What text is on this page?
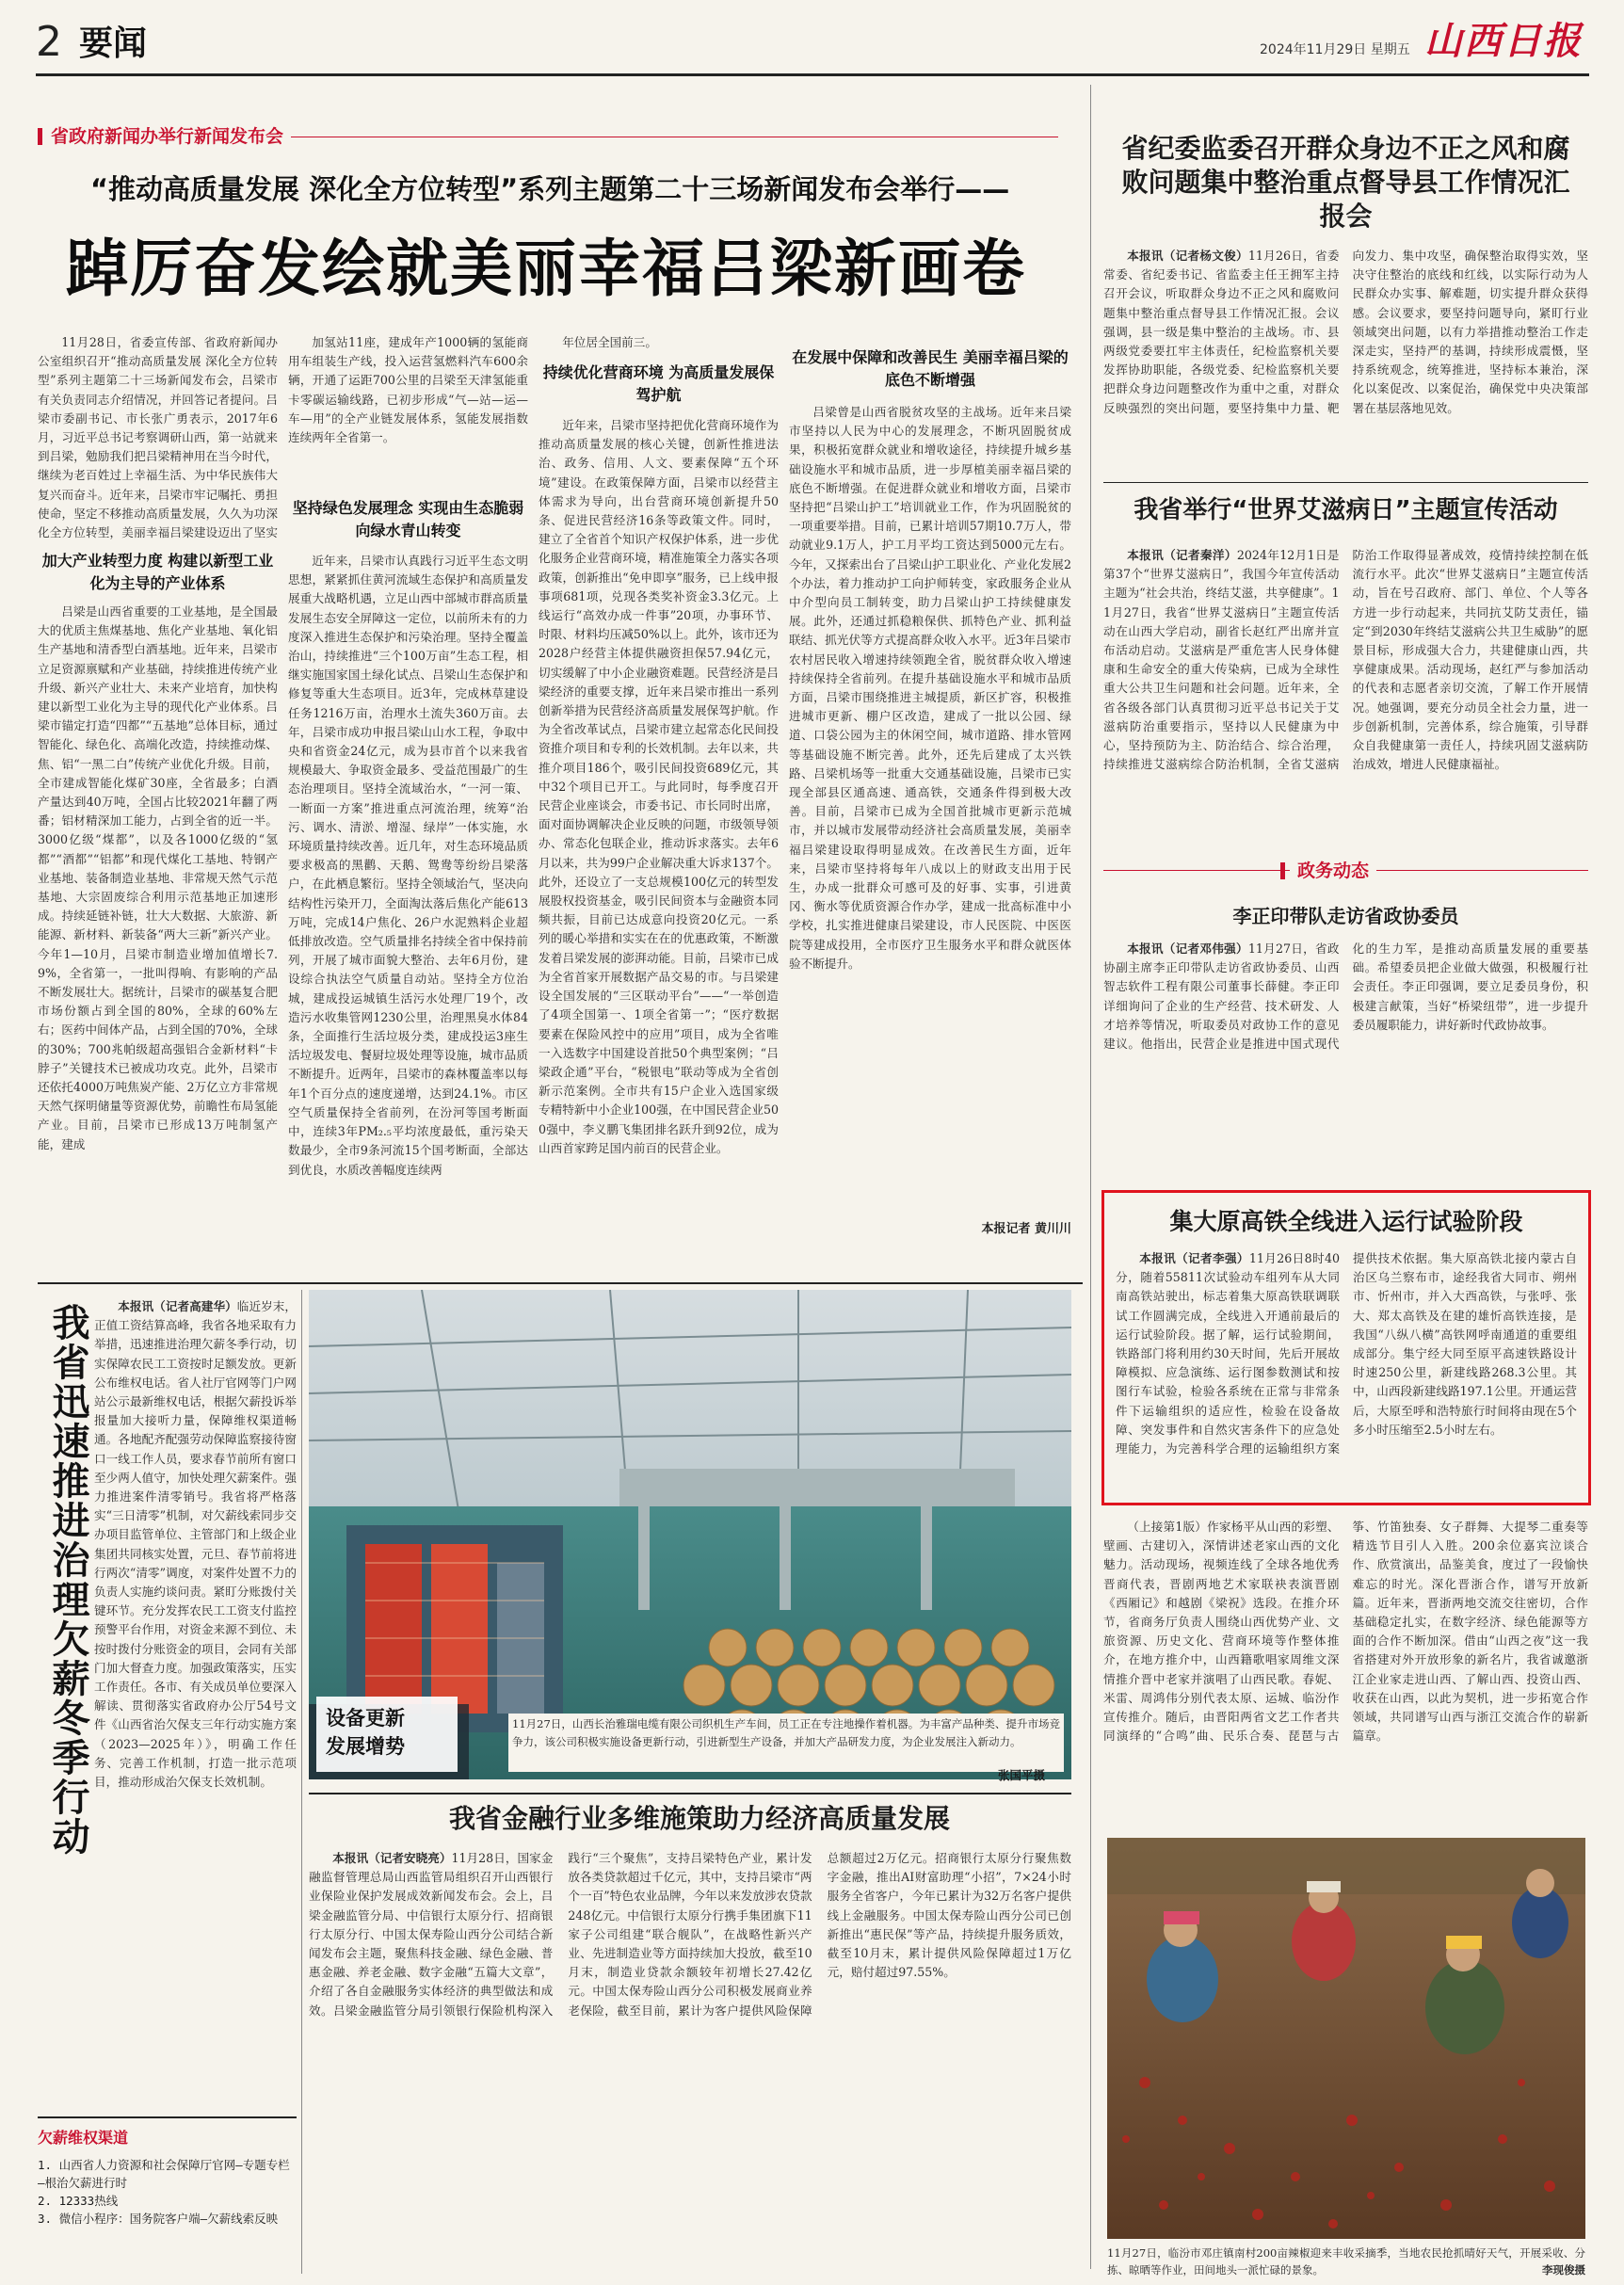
2 要闻	2024年11月29日 星期五 山西日报
省政府新闻办举行新闻发布会
“推动高质量发展 深化全方位转型”系列主题第二十三场新闻发布会举行——
踔厉奋发绘就美丽幸福吕梁新画卷
11月28日，省委宣传部、省政府新闻办公室组织召开“推动高质量发展 深化全方位转型”系列主题第二十三场新闻发布会，吕梁市有关负责同志介绍情况，并回答记者提问。吕梁市委副书记、市长张广勇表示，2017年6月，习近平总书记考察调研山西，第一站就来到吕梁，勉励我们把吕梁精神用在当今时代，继续为老百姓过上幸福生活、为中华民族伟大复兴而奋斗。近年来，吕梁市牢记嘱托、勇担使命，坚定不移推动高质量发展，久久为功深化全方位转型，美丽幸福吕梁建设迈出了坚实
加大产业转型力度 构建以新型工业化为主导的产业体系
吕梁是山西省重要的工业基地，是全国最大的优质主焦煤基地、焦化产业基地、氧化铝生产基地和清香型白酒基地。近年来，吕梁市立足资源禀赋和产业基础，持续推进传统产业升级、新兴产业壮大、未来产业培育，加快构建以新型工业化为主导的现代化产业体系。吕梁市锚定打造“四都”“五基地”总体目标，通过智能化、绿色化、高端化改造，持续推动煤、焦、铝“一黑二白”传统产业优化升级。目前，全市建成智能化煤矿30座，全省最多；白酒产量达到40万吨，全国占比较2021年翻了两番；铝材精深加工能力，占到全省的近一半。3000亿级“煤都”，以及各1000亿级的“氢都”“酒都”“铝都”和现代煤化工基地、特钢产业基地、装备制造业基地、非常规天然气示范基地、大宗固废综合利用示范基地正加速形成。持续延链补链，壮大大数据、大旅游、新能源、新材料、新装备“两大三新”新兴产业。今年1—10月，吕梁市制造业增加值增长7.9%，全省第一，一批叫得响、有影响的产品不断发展壮大。据统计，吕梁市的碳基复合肥市场份额占到全国的80%，全球的60%左右；医药中间体产品，占到全国的70%，全球的30%；700兆帕级超高强铝合金新材料“卡脖子”关键技术已被成功攻克。此外，吕梁市还依托4000万吨焦炭产能、2万亿立方非常规天然气探明储量等资源优势，前瞻性布局氢能产业。目前，吕梁市已形成13万吨制氢产能，建成
加氢站11座，建成年产1000辆的氢能商用车组装生产线，投入运营氢燃料汽车600余辆，开通了运距700公里的吕梁至天津氢能重卡零碳运输线路，已初步形成“气—站—运—车—用”的全产业链发展体系，氢能发展指数连续两年全省第一。
坚持绿色发展理念 实现由生态脆弱向绿水青山转变
近年来，吕梁市认真践行习近平生态文明思想，紧紧抓住黄河流域生态保护和高质量发展重大战略机遇，立足山西中部城市群高质量发展生态安全屏障这一定位，以前所未有的力度深入推进生态保护和污染治理。坚持全覆盖治山，持续推进“三个100万亩”生态工程，相继实施国家国土绿化试点、吕梁山生态保护和修复等重大生态项目。近3年，完成林草建设任务1216万亩，治理水土流失360万亩。去年，吕梁市成功申报吕梁山山水工程，争取中央和省资金24亿元，成为县市首个以来我省规模最大、争取资金最多、受益范围最广的生态治理项目。坚持全流域治水，“一河一策、一断面一方案”推进重点河流治理，统筹“治污、调水、清淤、增湿、绿岸”一体实施，水环境质量持续改善。近几年，对生态环境品质要求极高的黑鹳、天鹅、鸳鸯等纷纷吕梁落户，在此栖息繁衍。坚持全领域治气，坚决向结构性污染开刀，全面淘汰落后焦化产能613万吨，完成14户焦化、26户水泥熟料企业超低排放改造。空气质量排名持续全省中保持前列，开展了城市面貌大整治、去年6月份，建设综合执法空气质量自动站。坚持全方位治城，建成投运城镇生活污水处理厂19个，改造污水收集管网1230公里，治理黑臭水体84条，全面推行生活垃圾分类，建成投运3座生活垃圾发电、餐厨垃圾处理等设施，城市品质不断提升。近两年，吕梁市的森林覆盖率以每年1个百分点的速度递增，达到24.1%。市区空气质量保持全省前列，在汾河等国考断面中，连续3年PM₂.₅平均浓度最低，重污染天数最少，全市9条河流15个国考断面，全部达到优良，水质改善幅度连续两
年位居全国前三。
持续优化营商环境 为高质量发展保驾护航
近年来，吕梁市坚持把优化营商环境作为推动高质量发展的核心关键，创新性推进法治、政务、信用、人文、要素保障“五个环境”建设。在政策保障方面，吕梁市以经营主体需求为导向，出台营商环境创新提升50条、促进民营经济16条等政策文件。同时，建立了全省首个知识产权保护体系，进一步优化服务企业营商环境，精准施策全力落实各项政策，创新推出“免申即享”服务，已上线申报事项681项，兑现各类奖补资金3.3亿元。上线运行“高效办成一件事”20项，办事环节、时限、材料均压减50%以上。此外，该市还为2028户经营主体提供融资担保57.94亿元，切实缓解了中小企业融资难题。民营经济是吕梁经济的重要支撑，近年来吕梁市推出一系列创新举措为民营经济高质量发展保驾护航。作为全省改革试点，吕梁市建立起常态化民间投资推介项目和专利的长效机制。去年以来，共推介项目186个，吸引民间投资689亿元，其中32个项目已开工。与此同时，每季度召开民营企业座谈会，市委书记、市长同时出席，面对面协调解决企业反映的问题，市级领导领办、常态化包联企业，推动诉求落实。去年6月以来，共为99户企业解决重大诉求137个。此外，还设立了一支总规模100亿元的转型发展股权投资基金，吸引民间资本与金融资本同频共振，目前已达成意向投资20亿元。一系列的暖心举措和实实在在的优惠政策，不断激发着吕梁发展的澎湃动能。目前，吕梁市已成为全省首家开展数据产品交易的市。与吕梁建设全国发展的“三区联动平台”——“一举创造了4项全国第一、1项全省第一”；“医疗数据要素在保险风控中的应用”项目，成为全省唯一入选数字中国建设首批50个典型案例；“吕梁政企通”平台，“税银电”联动等成为全省创新示范案例。全市共有15户企业入选国家级专精特新中小企业100强，在中国民营企业500强中，李义鹏飞集团排名跃升到92位，成为山西首家跨足国内前百的民营企业。
在发展中保障和改善民生 美丽幸福吕梁的底色不断增强
吕梁曾是山西省脱贫攻坚的主战场。近年来吕梁市坚持以人民为中心的发展理念，不断巩固脱贫成果，积极拓宽群众就业和增收途径，持续提升城乡基础设施水平和城市品质，进一步厚植美丽幸福吕梁的底色不断增强。在促进群众就业和增收方面，吕梁市坚持把“吕梁山护工”培训就业工作，作为巩固脱贫的一项重要举措。目前，已累计培训57期10.7万人，带动就业9.1万人，护工月平均工资达到5000元左右。今年，又探索出台了吕梁山护工职业化、产业化发展2个办法，着力推动护工向护师转变，家政服务企业从中介型向员工制转变，助力吕梁山护工持续健康发展。此外，还通过抓稳粮保供、抓特色产业、抓利益联结、抓光伏等方式提高群众收入水平。近3年吕梁市农村居民收入增速持续领跑全省，脱贫群众收入增速持续保持全省前列。在提升基础设施水平和城市品质方面，吕梁市围绕推进主城提质，新区扩容，积极推进城市更新、棚户区改造，建成了一批以公园、绿道、口袋公园为主的休闲空间，城市道路、排水管网等基础设施不断完善。此外，还先后建成了太兴铁路、吕梁机场等一批重大交通基础设施，吕梁市已实现全部县区通高速、通高铁，交通条件得到极大改善。目前，吕梁市已成为全国首批城市更新示范城市，并以城市发展带动经济社会高质量发展，美丽幸福吕梁建设取得明显成效。在改善民生方面，近年来，吕梁市坚持将每年八成以上的财政支出用于民生，办成一批群众可感可及的好事、实事，引进黄冈、衡水等优质资源合作办学，建成一批高标准中小学校，扎实推进健康吕梁建设，市人民医院、中医医院等建成投用，全市医疗卫生服务水平和群众就医体验不断提升。
本报记者 黄川川
省纪委监委召开群众身边不正之风和腐败问题集中整治重点督导县工作情况汇报会
本报讯（记者杨文俊）11月26日，省委常委、省纪委书记、省监委主任王拥军主持召开会议，听取群众身边不正之风和腐败问题集中整治重点督导县工作情况汇报。会议强调，县一级是集中整治的主战场。市、县两级党委要扛牢主体责任，纪检监察机关要发挥协助职能，各级党委、纪检监察机关要把群众身边问题整改作为重中之重，对群众反映强烈的突出问题，要坚持集中力量、靶向发力、集中攻坚，确保整治取得实效，坚决守住整治的底线和红线，以实际行动为人民群众办实事、解难题，切实提升群众获得感。会议要求，要坚持问题导向，紧盯行业领域突出问题，以有力举措推动整治工作走深走实，坚持严的基调，持续形成震慑，坚持系统观念，统筹推进，坚持标本兼治，深化以案促改、以案促治，确保党中央决策部署在基层落地见效。
我省举行“世界艾滋病日”主题宣传活动
本报讯（记者秦洋）2024年12月1日是第37个“世界艾滋病日”，我国今年宣传活动主题为“社会共治，终结艾滋，共享健康”。11月27日，我省“世界艾滋病日”主题宣传活动在山西大学启动，副省长赵红严出席并宣布活动启动。艾滋病是严重危害人民身体健康和生命安全的重大传染病，已成为全球性重大公共卫生问题和社会问题。近年来，全省各级各部门认真贯彻习近平总书记关于艾滋病防治重要指示，坚持以人民健康为中心，坚持预防为主、防治结合、综合治理，持续推进艾滋病综合防治机制，全省艾滋病防治工作取得显著成效，疫情持续控制在低流行水平。此次“世界艾滋病日”主题宣传活动，旨在号召政府、部门、单位、个人等各方进一步行动起来，共同抗艾防艾责任，锚定“到2030年终结艾滋病公共卫生威胁”的愿景目标，形成强大合力，共建健康山西，共享健康成果。活动现场，赵红严与参加活动的代表和志愿者亲切交流，了解工作开展情况。她强调，要充分动员全社会力量，进一步创新机制，完善体系，综合施策，引导群众自我健康第一责任人，持续巩固艾滋病防治成效，增进人民健康福祉。
政务动态
李正印带队走访省政协委员
本报讯（记者邓伟强）11月27日，省政协副主席李正印带队走访省政协委员、山西智志软件工程有限公司董事长薛健。李正印详细询问了企业的生产经营、技术研发、人才培养等情况，听取委员对政协工作的意见建议。他指出，民营企业是推进中国式现代化的生力军，是推动高质量发展的重要基础。希望委员把企业做大做强，积极履行社会责任。李正印强调，要立足委员身份，积极建言献策，当好“桥梁纽带”，进一步提升委员履职能力，讲好新时代政协故事。
集大原高铁全线进入运行试验阶段
本报讯（记者李强）11月26日8时40分，随着55811次试验动车组列车从大同南高铁站驶出，标志着集大原高铁联调联试工作圆满完成，全线进入开通前最后的运行试验阶段。据了解，运行试验期间，铁路部门将利用约30天时间，先后开展故障模拟、应急演练、运行图参数测试和按图行车试验，检验各系统在正常与非常条件下运输组织的适应性，检验在设备故障、突发事件和自然灾害条件下的应急处理能力，为完善科学合理的运输组织方案提供技术依据。集大原高铁北接内蒙古自治区乌兰察布市，途经我省大同市、朔州市、忻州市，并入大西高铁，与张呼、张大、郑太高铁及在建的雄忻高铁连接，是我国“八纵八横”高铁网呼南通道的重要组成部分。集宁经大同至原平高速铁路设计时速250公里，新建线路268.3公里。其中，山西段新建线路197.1公里。开通运营后，大原至呼和浩特旅行时间将由现在5个多小时压缩至2.5小时左右。
（上接第1版）作家杨平从山西的彩塑、壁画、古建切入，深情讲述老家山西的文化魅力。活动现场，视频连线了全球各地优秀晋商代表，晋剧两地艺术家联袂表演晋剧《西厢记》和越剧《梁祝》选段。在推介环节，省商务厅负责人围绕山西优势产业、文旅资源、历史文化、营商环境等作整体推介，在地方推介中，山西籍歌唱家周维文深情推介晋中老家并演唱了山西民歌。春妮、米雷、周鸿伟分别代表太原、运城、临汾作宣传推介。随后，由晋阳两省文艺工作者共同演绎的“合鸣”曲、民乐合奏、琵琶与古筝、竹笛独奏、女子群舞、大提琴二重奏等精选节目引人入胜。200余位嘉宾泣谈合作、欣赏演出，品鉴美食，度过了一段愉快难忘的时光。深化晋浙合作，谱写开放新篇。近年来，晋浙两地交流交往密切，合作基础稳定扎实，在数字经济、绿色能源等方面的合作不断加深。借由“山西之夜”这一我省搭建对外开放形象的新名片，我省诚邀浙江企业家走进山西、了解山西、投资山西、收获在山西，以此为契机，进一步拓宽合作领域，共同谱写山西与浙江交流合作的崭新篇章。
11月27日，临汾市邓庄镇南村200亩辣椒迎来丰收采摘季，当地农民抢抓晴好天气，开展采收、分拣、晾晒等作业，田间地头一派忙碌的景象。	李现俊摄
我省迅速推进治理欠薪冬季行动	本报讯（记者高建华）临近岁末，正值工资结算高峰，我省各地采取有力举措，迅速推进治理欠薪冬季行动，切实保障农民工工资按时足额发放。更新公布维权电话。省人社厅官网等门户网站公示最新维权电话，根据欠薪投诉举报量加大接听力量，保障维权渠道畅通。各地配齐配强劳动保障监察接待窗口一线工作人员，要求春节前所有窗口至少两人值守，加快处理欠薪案件。强力推进案件清零销号。我省将严格落实“三日清零”机制，对欠薪线索同步交办项目监管单位、主管部门和上级企业集团共同核实处置，元旦、春节前将进行两次“清零”调度，对案件处置不力的负责人实施约谈问责。紧盯分账拨付关键环节。充分发挥农民工工资支付监控预警平台作用，对资金来源不到位、未按时拨付分账资金的项目，会同有关部门加大督查力度。加强政策落实，压实工作责任。各市、有关成员单位要深入解读、贯彻落实省政府办公厅54号文件《山西省治欠保支三年行动实施方案（2023—2025年）》，明确工作任务、完善工作机制，打造一批示范项目，推动形成治欠保支长效机制。
欠薪维权渠道
1. 山西省人力资源和社会保障厅官网—专题专栏—根治欠薪进行时
2. 12333热线
3. 微信小程序：国务院客户端—欠薪线索反映
设备更新
发展增势
11月27日，山西长治雅瑞电缆有限公司织机生产车间，员工正在专注地操作着机器。为丰富产品种类、提升市场竞争力，该公司积极实施设备更新行动，引进新型生产设备，并加大产品研发力度，为企业发展注入新动力。
张国平摄
我省金融行业多维施策助力经济高质量发展
本报讯（记者安晓亮）11月28日，国家金融监督管理总局山西监管局组织召开山西银行业保险业保护发展成效新闻发布会。会上，吕梁金融监管分局、中信银行太原分行、招商银行太原分行、中国太保寿险山西分公司结合新闻发布会主题，聚焦科技金融、绿色金融、普惠金融、养老金融、数字金融“五篇大文章”，介绍了各自金融服务实体经济的典型做法和成效。吕梁金融监管分局引领银行保险机构深入践行“三个聚焦”，支持吕梁特色产业，累计发放各类贷款超过千亿元，其中，支持吕梁市“两个一百”特色农业品牌，今年以来发放涉农贷款248亿元。中信银行太原分行携手集团旗下11家子公司组建“联合舰队”，在战略性新兴产业、先进制造业等方面持续加大投放，截至10月末，制造业贷款余额较年初增长27.42亿元。中国太保寿险山西分公司积极发展商业养老保险，截至目前，累计为客户提供风险保障总额超过2万亿元。招商银行太原分行聚焦数字金融，推出AI财富助理“小招”，7×24小时服务全省客户，今年已累计为32万名客户提供线上金融服务。中国太保寿险山西分公司已创新推出“惠民保”等产品，持续提升服务质效，截至10月末，累计提供风险保障超过1万亿元，赔付超过97.55%。
